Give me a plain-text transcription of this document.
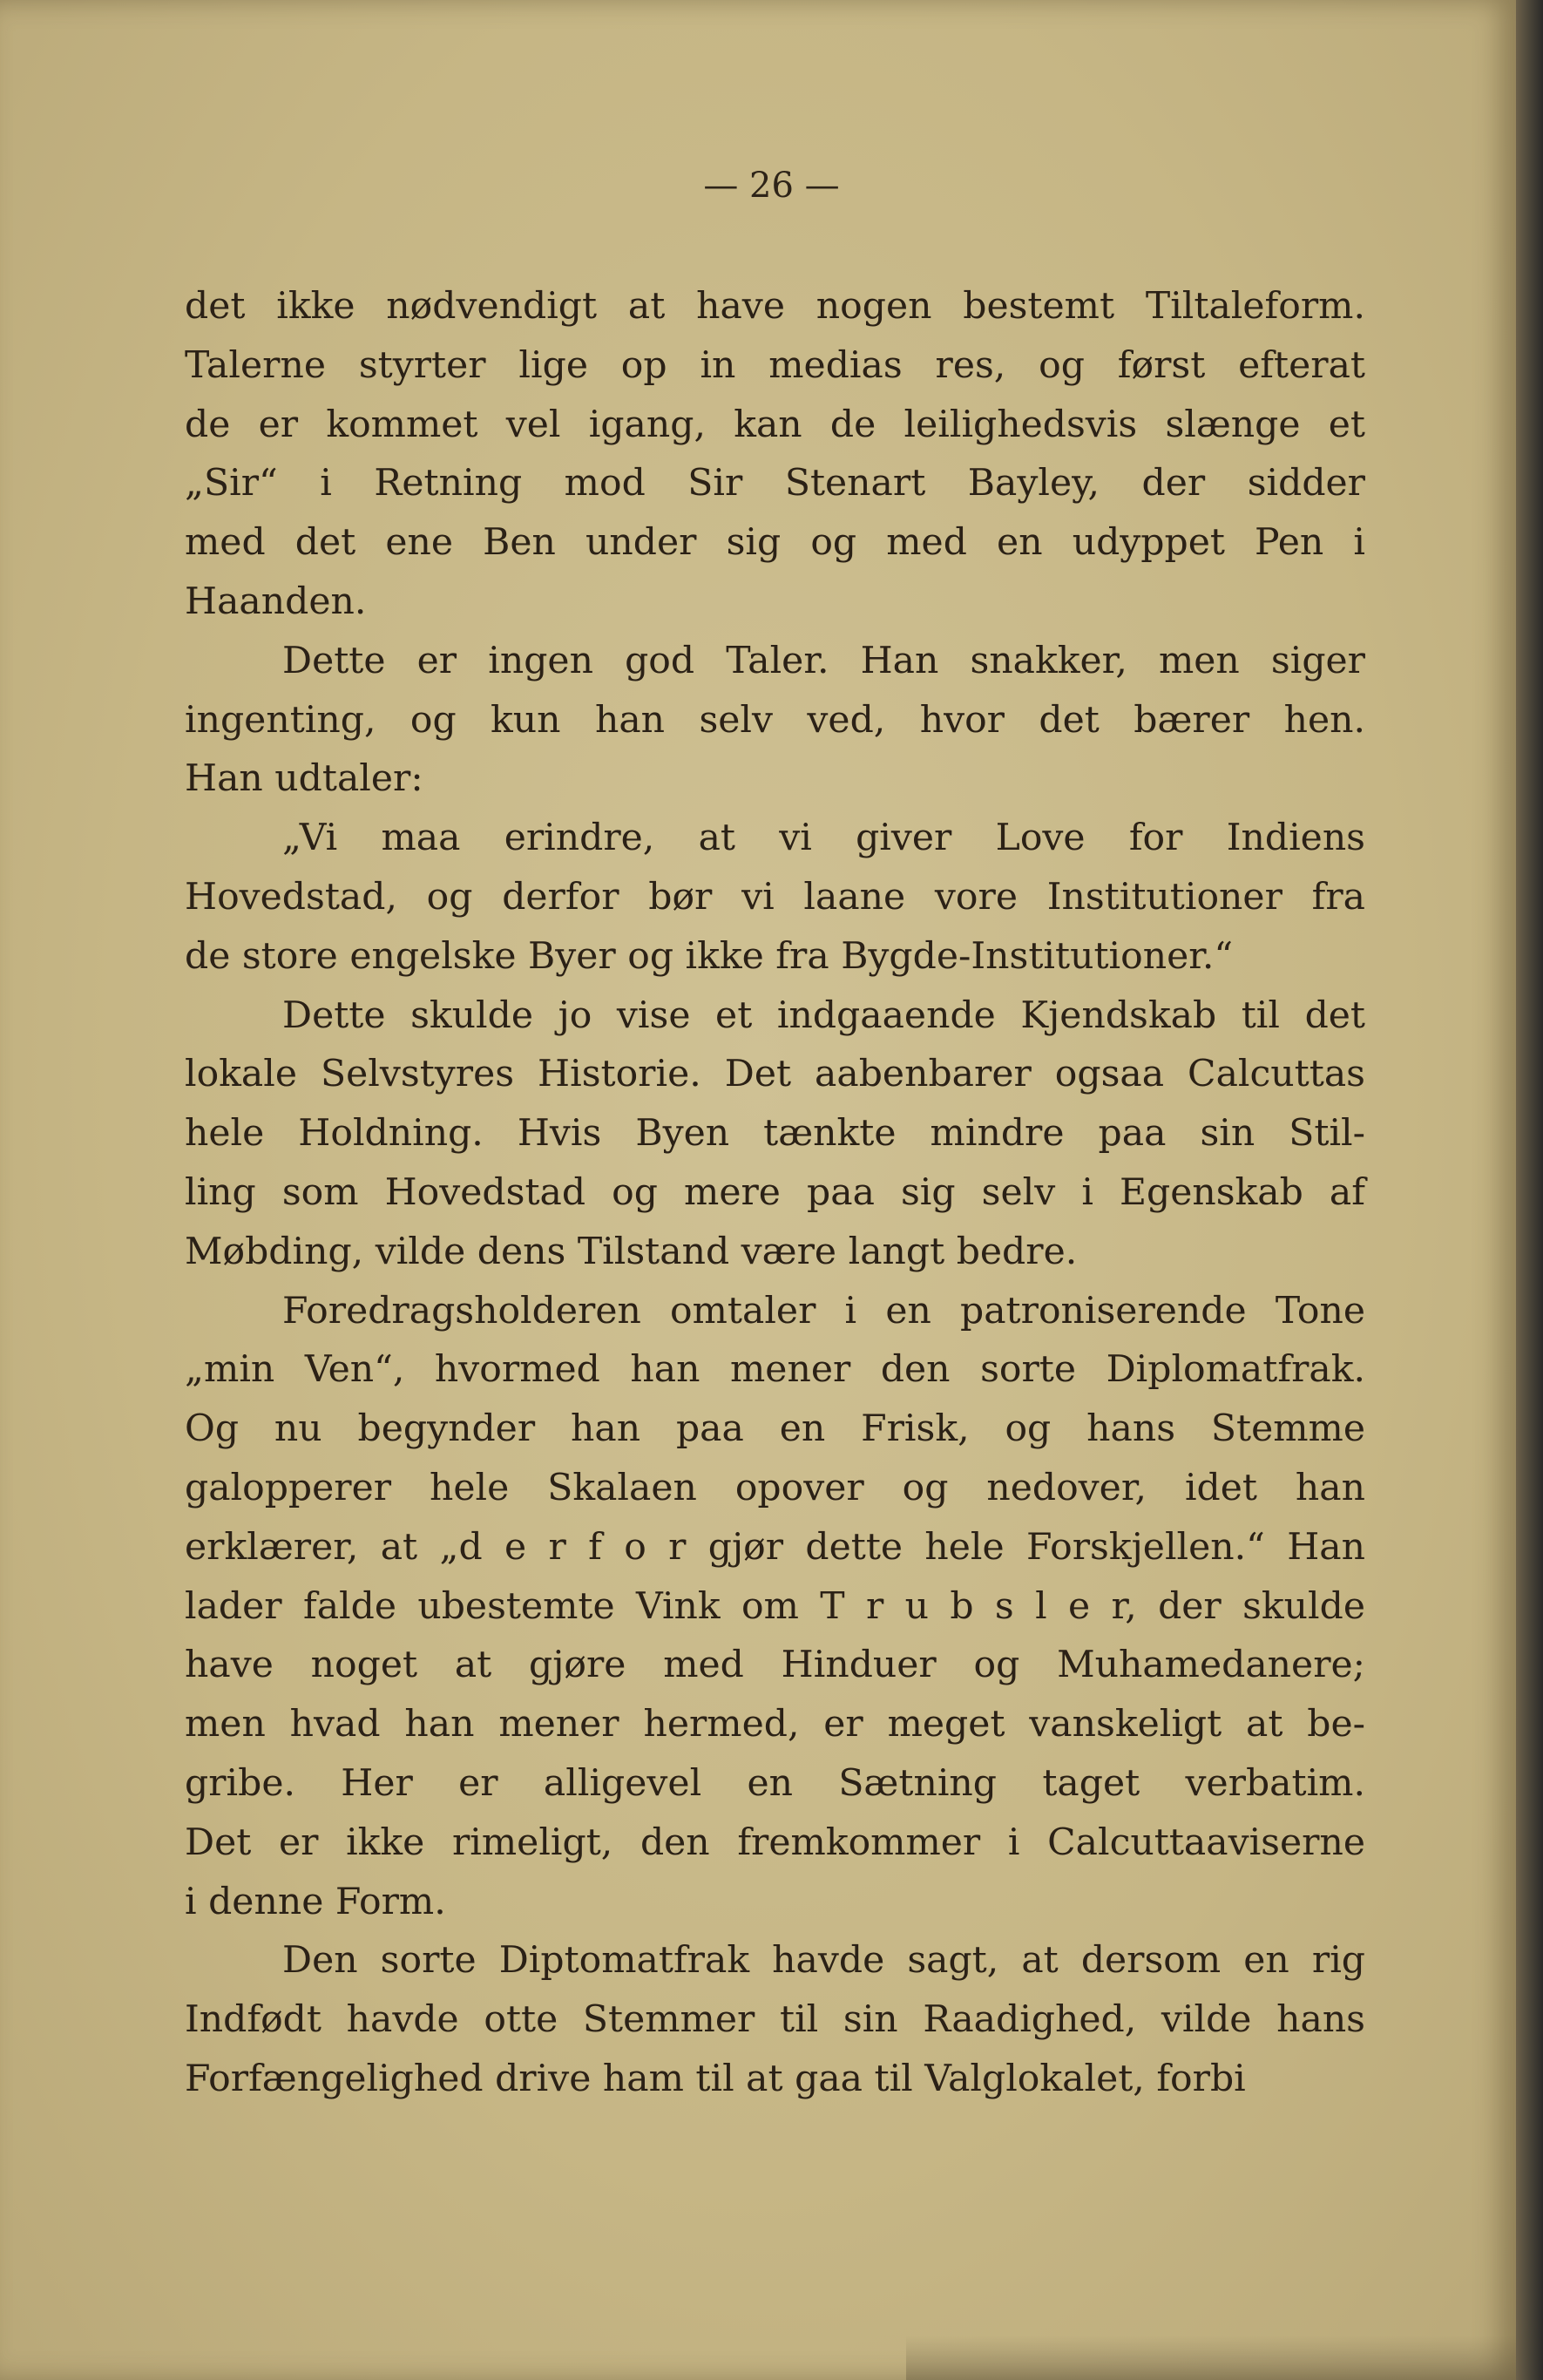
— 26 —
det ikke nødvendigt at have nogen bestemt Tiltaleform.
Talerne styrter lige op in medias res, og først efterat
de er kommet vel igang, kan de leilighedsvis slænge et
„Sir“ i Retning mod Sir Stenart Bayley, der sidder
med det ene Ben under sig og med en udyppet Pen i
Haanden.
Dette er ingen god Taler. Han snakker, men siger
ingenting, og kun han selv ved, hvor det bærer hen.
Han udtaler:
„Vi maa erindre, at vi giver Love for Indiens
Hovedstad, og derfor bør vi laane vore Institutioner fra
de store engelske Byer og ikke fra Bygde-Institutioner.“
Dette skulde jo vise et indgaaende Kjendskab til det
lokale Selvstyres Historie. Det aabenbarer ogsaa Calcuttas
hele Holdning. Hvis Byen tænkte mindre paa sin Stil-
ling som Hovedstad og mere paa sig selv i Egenskab af
Møbding, vilde dens Tilstand være langt bedre.
Foredragsholderen omtaler i en patroniserende Tone
„min Ven“, hvormed han mener den sorte Diplomatfrak.
Og nu begynder han paa en Frisk, og hans Stemme
galopperer hele Skalaen opover og nedover, idet han
erklærer, at „d e r f o r gjør dette hele Forskjellen.“ Han
lader falde ubestemte Vink om T r u b s l e r, der skulde
have noget at gjøre med Hinduer og Muhamedanere;
men hvad han mener hermed, er meget vanskeligt at be-
gribe. Her er alligevel en Sætning taget verbatim.
Det er ikke rimeligt, den fremkommer i Calcuttaaviserne
i denne Form.
Den sorte Diptomatfrak havde sagt, at dersom en rig
Indfødt havde otte Stemmer til sin Raadighed, vilde hans
Forfængelighed drive ham til at gaa til Valglokalet, forbi
